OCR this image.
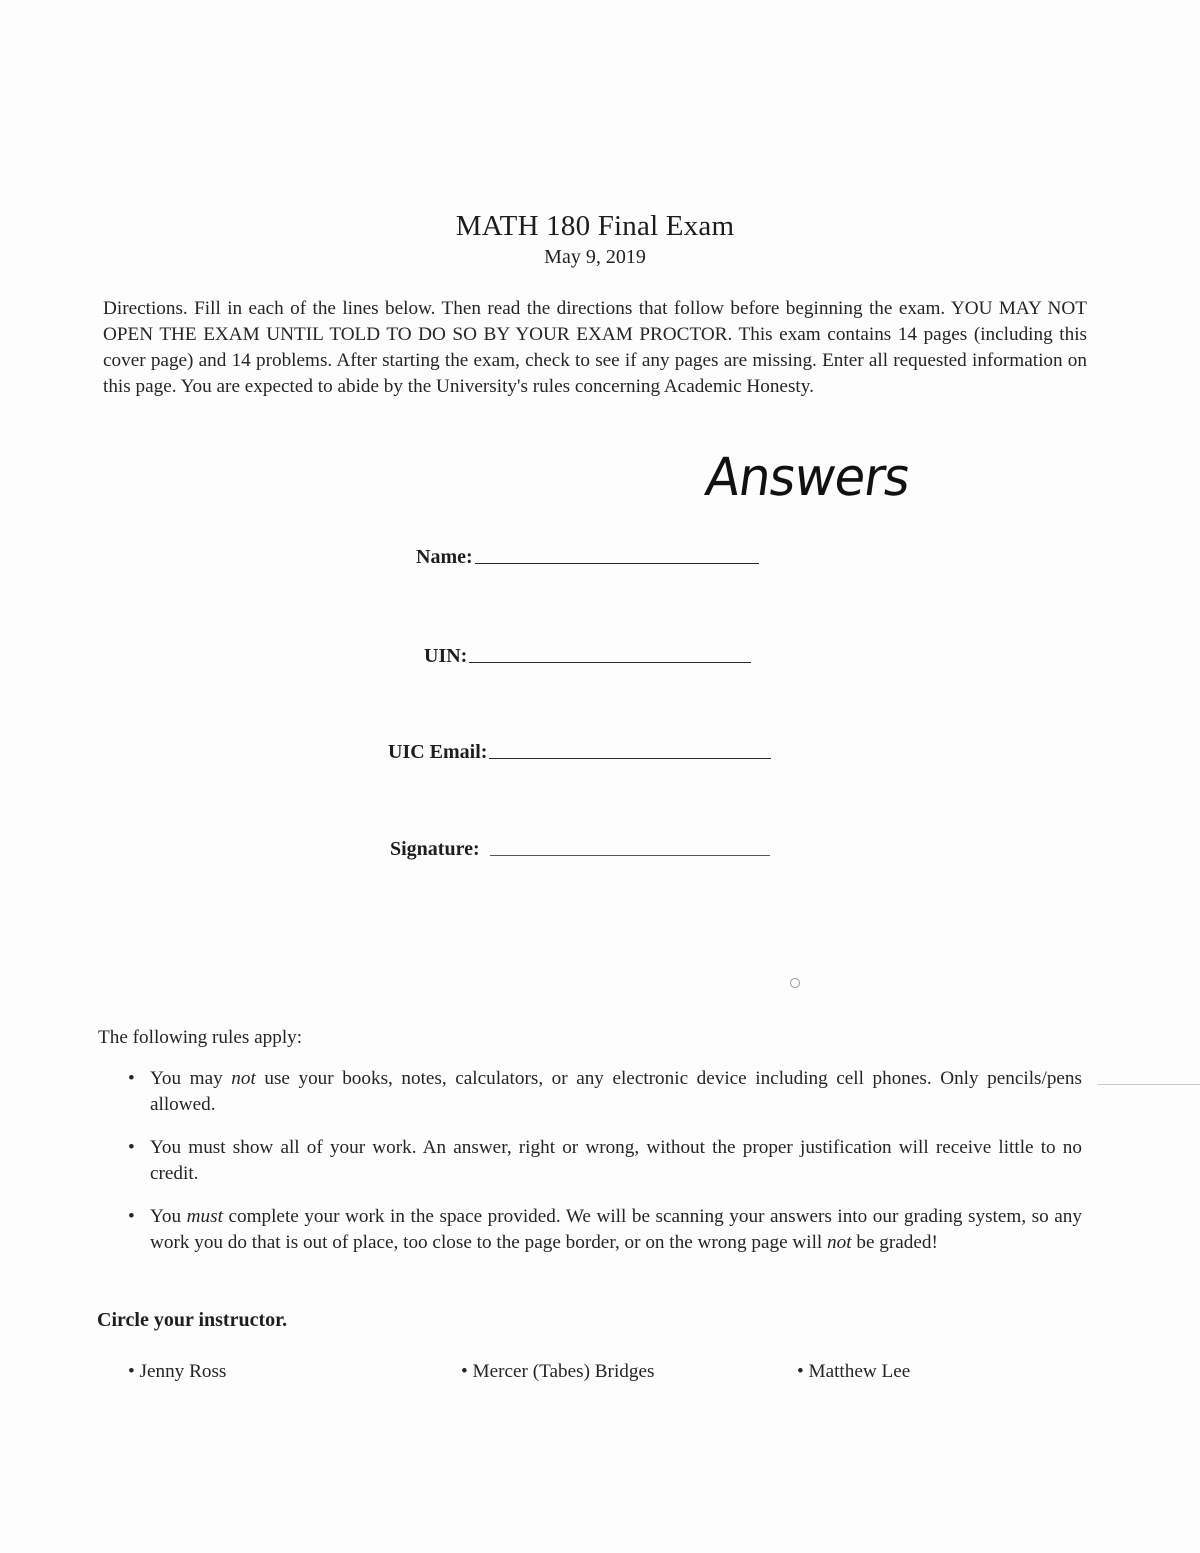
MATH 180 Final Exam
May 9, 2019
Directions. Fill in each of the lines below. Then read the directions that follow before beginning the exam. YOU MAY NOT OPEN THE EXAM UNTIL TOLD TO DO SO BY YOUR EXAM PROCTOR. This exam contains 14 pages (including this cover page) and 14 problems. After starting the exam, check to see if any pages are missing. Enter all requested information on this page. You are expected to abide by the University's rules concerning Academic Honesty.
Answers
Name:
UIN:
UIC Email:
Signature:
The following rules apply:
• You may not use your books, notes, calculators, or any electronic device including cell phones. Only pencils/pens allowed.
• You must show all of your work. An answer, right or wrong, without the proper justification will receive little to no credit.
• You must complete your work in the space provided. We will be scanning your answers into our grading system, so any work you do that is out of place, too close to the page border, or on the wrong page will not be graded!
Circle your instructor.
• Jenny Ross	• Mercer (Tabes) Bridges	• Matthew Lee
